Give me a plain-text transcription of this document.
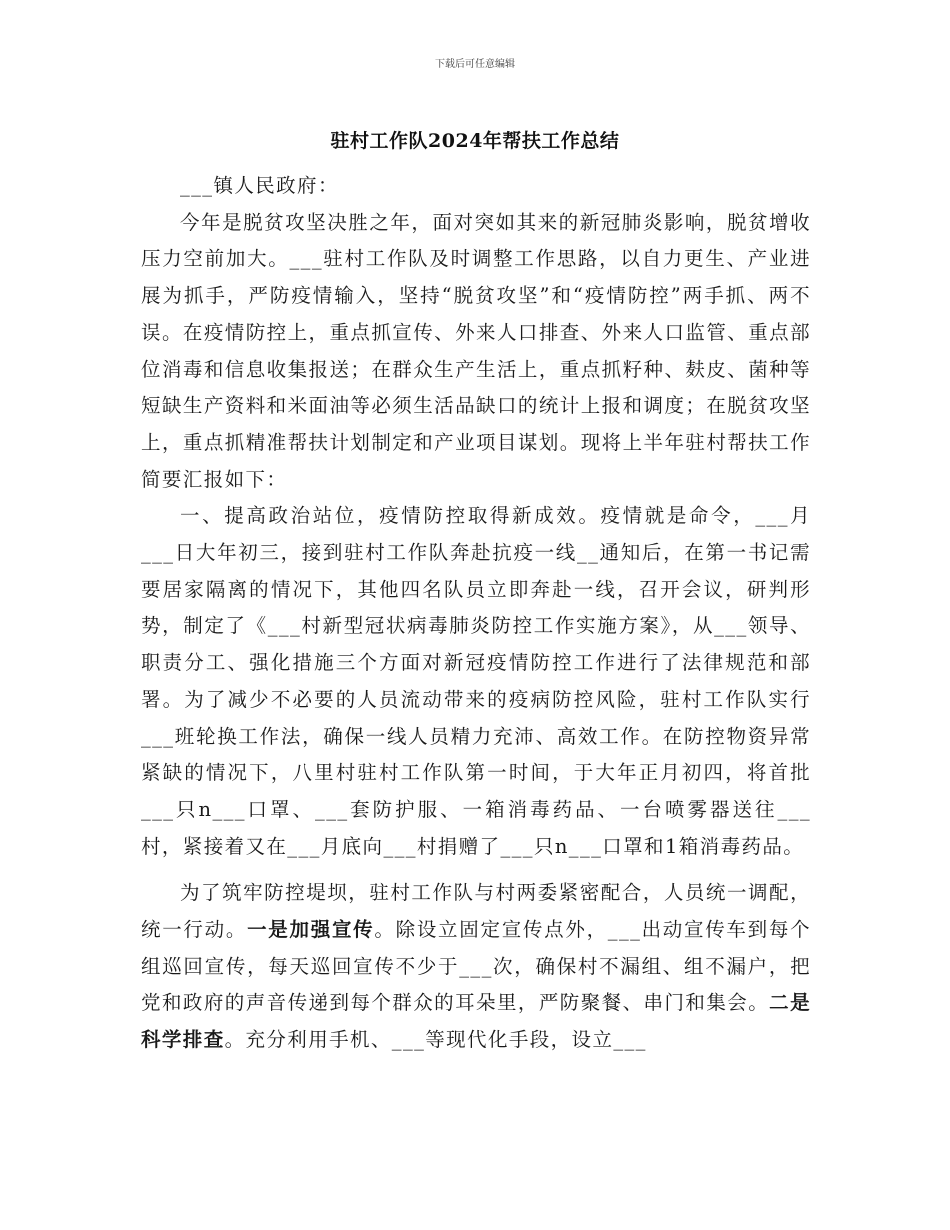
下载后可任意编辑
驻村工作队2024年帮扶工作总结

___镇人民政府：

今年是脱贫攻坚决胜之年，面对突如其来的新冠肺炎影响，脱贫增收压力空前加大。___驻村工作队及时调整工作思路，以自力更生、产业进展为抓手，严防疫情输入，坚持“脱贫攻坚”和“疫情防控”两手抓、两不误。在疫情防控上，重点抓宣传、外来人口排查、外来人口监管、重点部位消毒和信息收集报送；在群众生产生活上，重点抓籽种、麸皮、菌种等短缺生产资料和米面油等必须生活品缺口的统计上报和调度；在脱贫攻坚上，重点抓精准帮扶计划制定和产业项目谋划。现将上半年驻村帮扶工作简要汇报如下：

一、提高政治站位，疫情防控取得新成效。疫情就是命令，___月___日大年初三，接到驻村工作队奔赴抗疫一线__通知后，在第一书记需要居家隔离的情况下，其他四名队员立即奔赴一线，召开会议，研判形势，制定了《___村新型冠状病毒肺炎防控工作实施方案》，从___领导、职责分工、强化措施三个方面对新冠疫情防控工作进行了法律规范和部署。为了减少不必要的人员流动带来的疫病防控风险，驻村工作队实行___班轮换工作法，确保一线人员精力充沛、高效工作。在防控物资异常紧缺的情况下，八里村驻村工作队第一时间，于大年正月初四，将首批___只n___口罩、___套防护服、一箱消毒药品、一台喷雾器送往___村，紧接着又在___月底向___村捐赠了___只n___口罩和1箱消毒药品。

为了筑牢防控堤坝，驻村工作队与村两委紧密配合，人员统一调配，统一行动。一是加强宣传。除设立固定宣传点外，___出动宣传车到每个组巡回宣传，每天巡回宣传不少于___次，确保村不漏组、组不漏户，把党和政府的声音传递到每个群众的耳朵里，严防聚餐、串门和集会。二是科学排查。充分利用手机、___等现代化手段，设立___
